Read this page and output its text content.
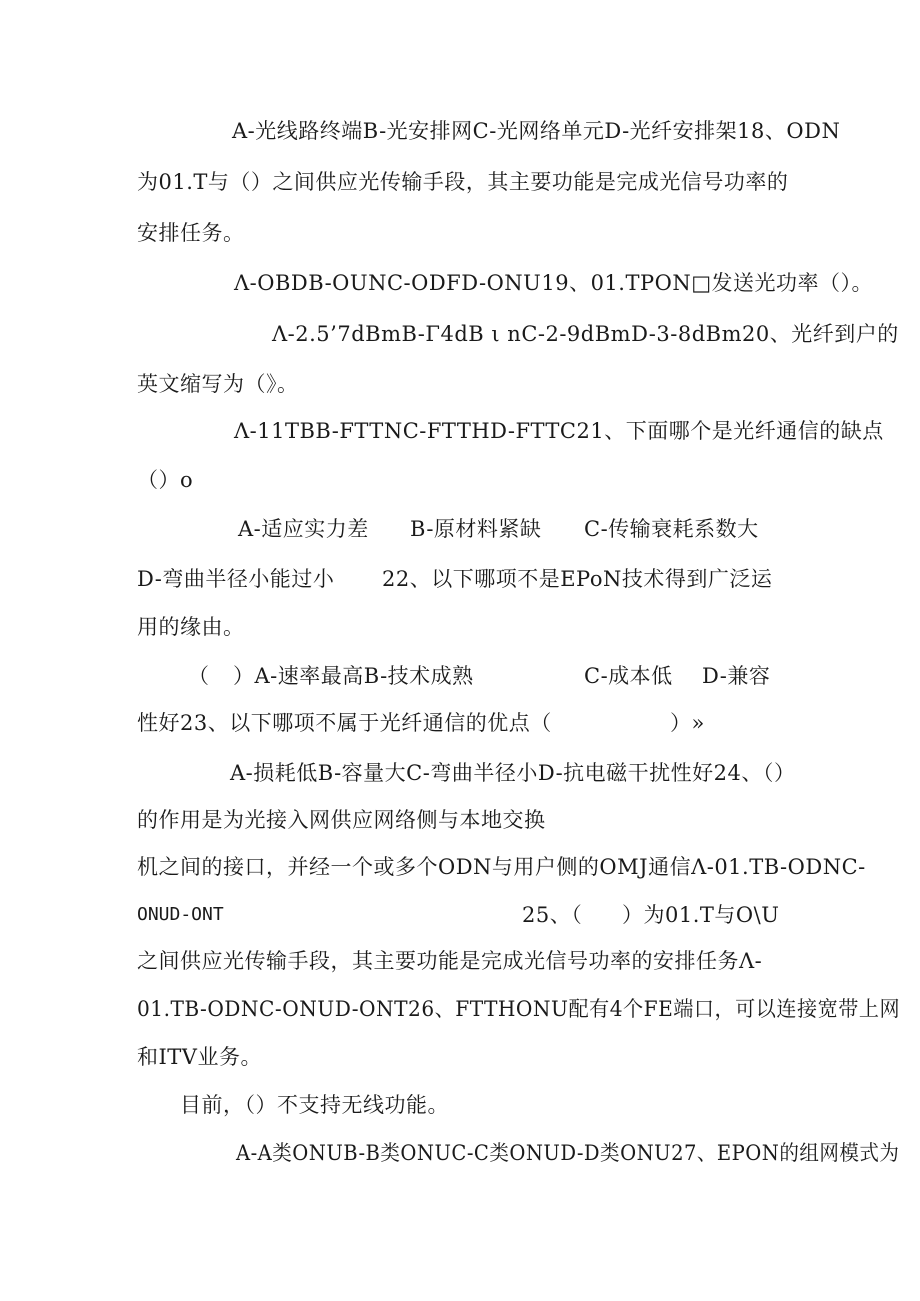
A-光线路终端B-光安排网C-光网络单元D-光纤安排架18、ODN
为01.T与（）之间供应光传输手段，其主要功能是完成光信号功率的
安排任务。
Λ-OBDB-OUNC-ODFD-ONU19、01.TPON□发送光功率（）。
Λ-2.5’7dBmB-Γ4dB ι nC-2-9dBmD-3-8dBm20、光纤到户的
英文缩写为（》。
Λ-11TBB-FTTNC-FTTHD-FTTC21、下面哪个是光纤通信的缺点
（）o
A-适应实力差 B-原材料紧缺 C-传输衰耗系数大
D-弯曲半径小能过小 22、以下哪项不是EPoN技术得到广泛运
用的缘由。
（ ）A-速率最高B-技术成熟	C-成本低 D-兼容
性好23、以下哪项不属于光纤通信的优点（	）»
A-损耗低B-容量大C-弯曲半径小D-抗电磁干扰性好24、（ ）
的作用是为光接入网供应网络侧与本地交换
机之间的接口，并经一个或多个ODN与用户侧的OMJ通信Λ-01.TB-ODNC-
ONUD-ONT	25、（ ）为01.T与O\U
之间供应光传输手段，其主要功能是完成光信号功率的安排任务Λ-
01.TB-ODNC-ONUD-ONT26、FTTHONU配有4个FE端口，可以连接宽带上网
和ITV业务。
目前，（）不支持无线功能。
A-A类ONUB-B类ONUC-C类ONUD-D类ONU27、EPON的组网模式为
